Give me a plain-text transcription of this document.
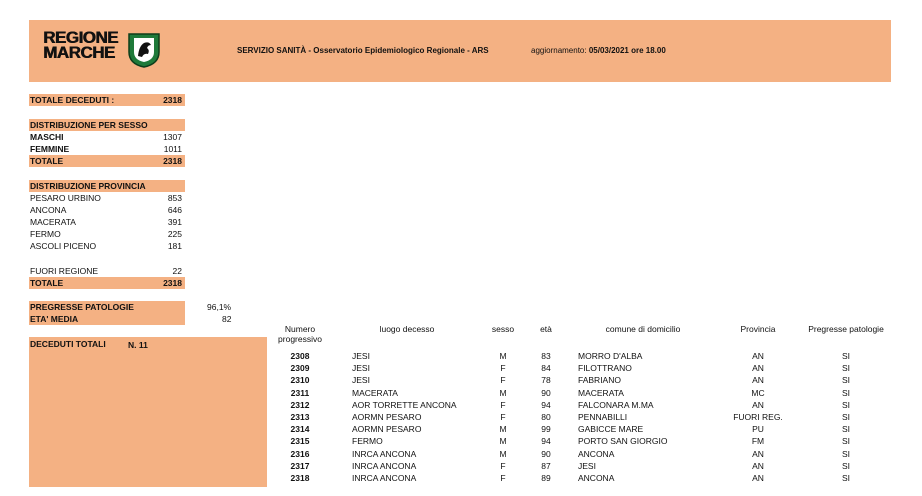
REGIONE
MARCHE	SERVIZIO SANITÀ - Osservatorio Epidemiologico Regionale - ARS	aggiornamento: 05/03/2021 ore 18.00
TOTALE DECEDUTI :	2318
DISTRIBUZIONE PER SESSO
MASCHI	1307
FEMMINE	1011
TOTALE	2318
DISTRIBUZIONE PROVINCIA
PESARO URBINO	853
ANCONA	646
MACERATA	391
FERMO	225
ASCOLI PICENO	181
FUORI REGIONE	22
TOTALE	2318
PREGRESSE PATOLOGIE	96,1%
ETA' MEDIA	82
DECEDUTI TOTALI	N. 11
Numero
progressivo	luogo decesso	sesso	età	comune di domicilio	Provincia	Pregresse patologie
2308	JESI	M	83	MORRO D'ALBA	AN	SI
2309	JESI	F	84	FILOTTRANO	AN	SI
2310	JESI	F	78	FABRIANO	AN	SI
2311	MACERATA	M	90	MACERATA	MC	SI
2312	AOR TORRETTE ANCONA	F	94	FALCONARA M.MA	AN	SI
2313	AORMN PESARO	F	80	PENNABILLI	FUORI REG.	SI
2314	AORMN PESARO	M	99	GABICCE MARE	PU	SI
2315	FERMO	M	94	PORTO SAN GIORGIO	FM	SI
2316	INRCA ANCONA	M	90	ANCONA	AN	SI
2317	INRCA ANCONA	F	87	JESI	AN	SI
2318	INRCA ANCONA	F	89	ANCONA	AN	SI
